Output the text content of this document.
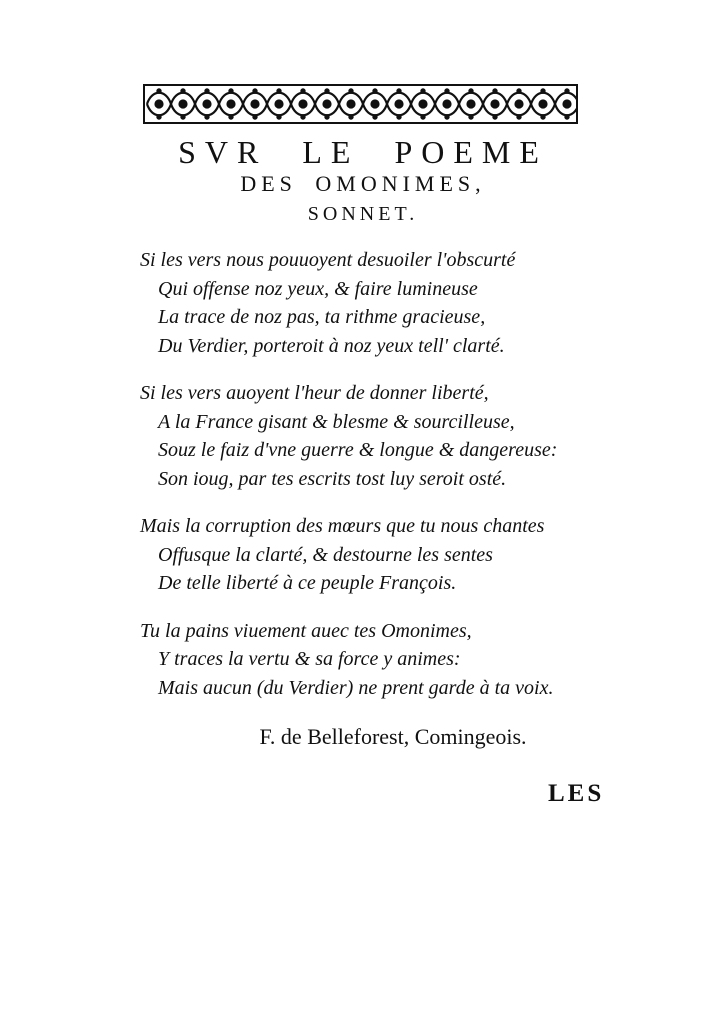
SVR LE POEME
DES OMONIMES,
SONNET.
Si les vers nous pouuoyent desuoiler l'obscurté
Qui offense noz yeux, & faire lumineuse
La trace de noz pas, ta rithme gracieuse,
Du Verdier, porteroit à noz yeux tell' clarté.
Si les vers auoyent l'heur de donner liberté,
A la France gisant & blesme & sourcilleuse,
Souz le faiz d'vne guerre & longue & dangereuse:
Son ioug, par tes escrits tost luy seroit osté.
Mais la corruption des mœurs que tu nous chantes
Offusque la clarté, & destourne les sentes
De telle liberté à ce peuple François.
Tu la pains viuement auec tes Omonimes,
Y traces la vertu & sa force y animes:
Mais aucun (du Verdier) ne prent garde à ta voix.
F. de Belleforest, Comingeois.
LES
